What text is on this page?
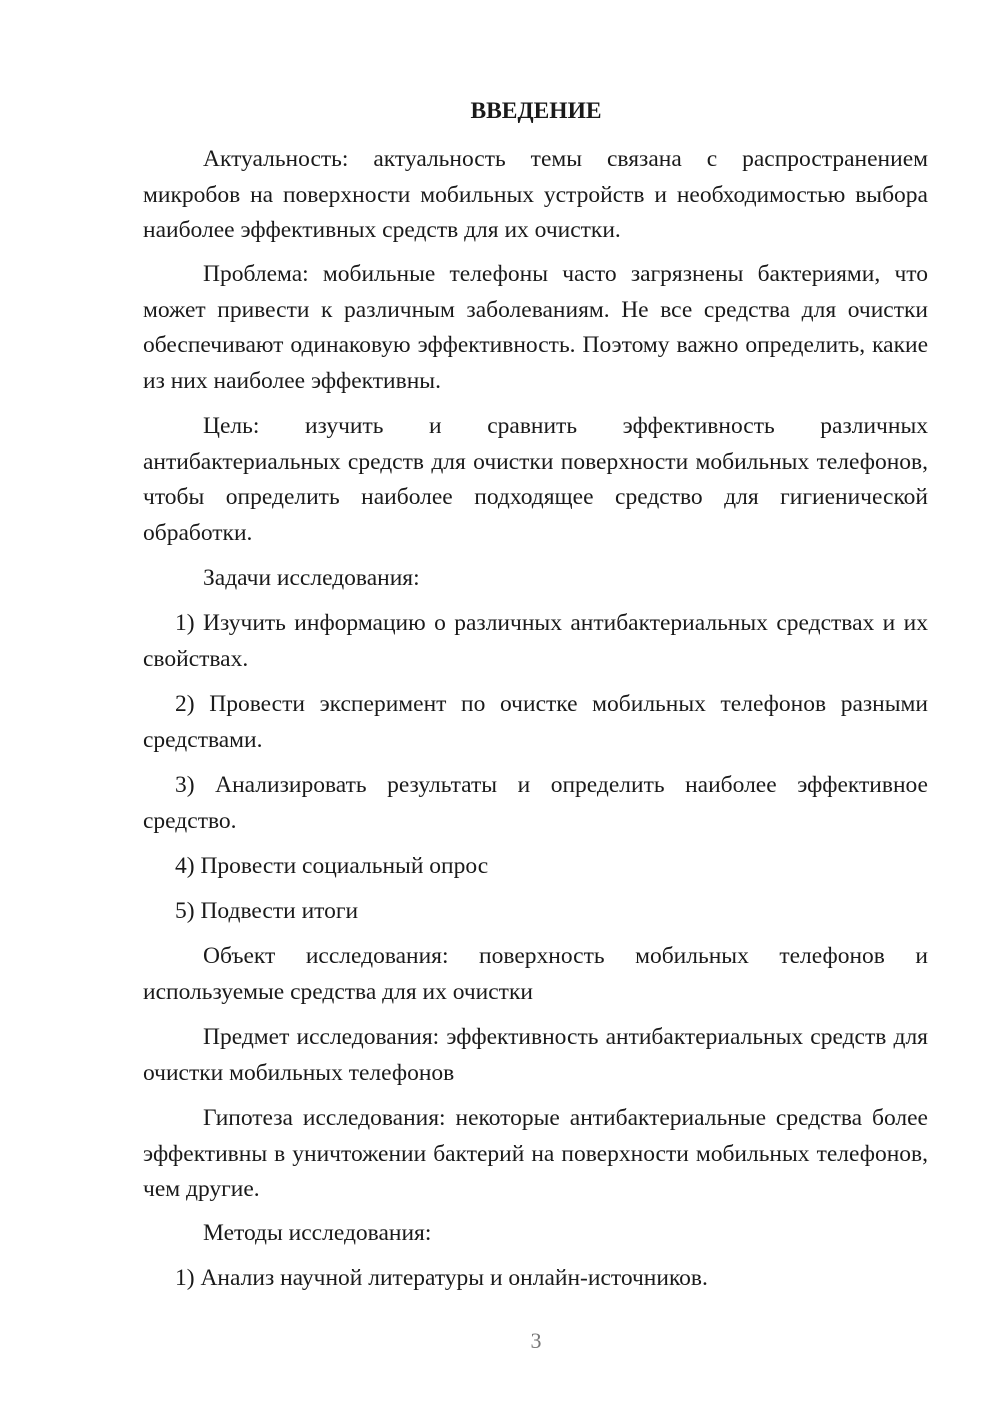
ВВЕДЕНИЕ

Актуальность: актуальность темы связана с распространением микробов на поверхности мобильных устройств и необходимостью выбора наиболее эффективных средств для их очистки.

Проблема: мобильные телефоны часто загрязнены бактериями, что может привести к различным заболеваниям. Не все средства для очистки обеспечивают одинаковую эффективность. Поэтому важно определить, какие из них наиболее эффективны.

Цель: изучить и сравнить эффективность различных антибактериальных средств для очистки поверхности мобильных телефонов, чтобы определить наиболее подходящее средство для гигиенической обработки.

Задачи исследования:

1) Изучить информацию о различных антибактериальных средствах и их свойствах.

2) Провести эксперимент по очистке мобильных телефонов разными средствами.

3) Анализировать результаты и определить наиболее эффективное средство.

4) Провести социальный опрос

5) Подвести итоги

Объект исследования: поверхность мобильных телефонов и используемые средства для их очистки

Предмет исследования: эффективность антибактериальных средств для очистки мобильных телефонов

Гипотеза исследования: некоторые антибактериальные средства более эффективны в уничтожении бактерий на поверхности мобильных телефонов, чем другие.

Методы исследования:

1) Анализ научной литературы и онлайн-источников.

3
